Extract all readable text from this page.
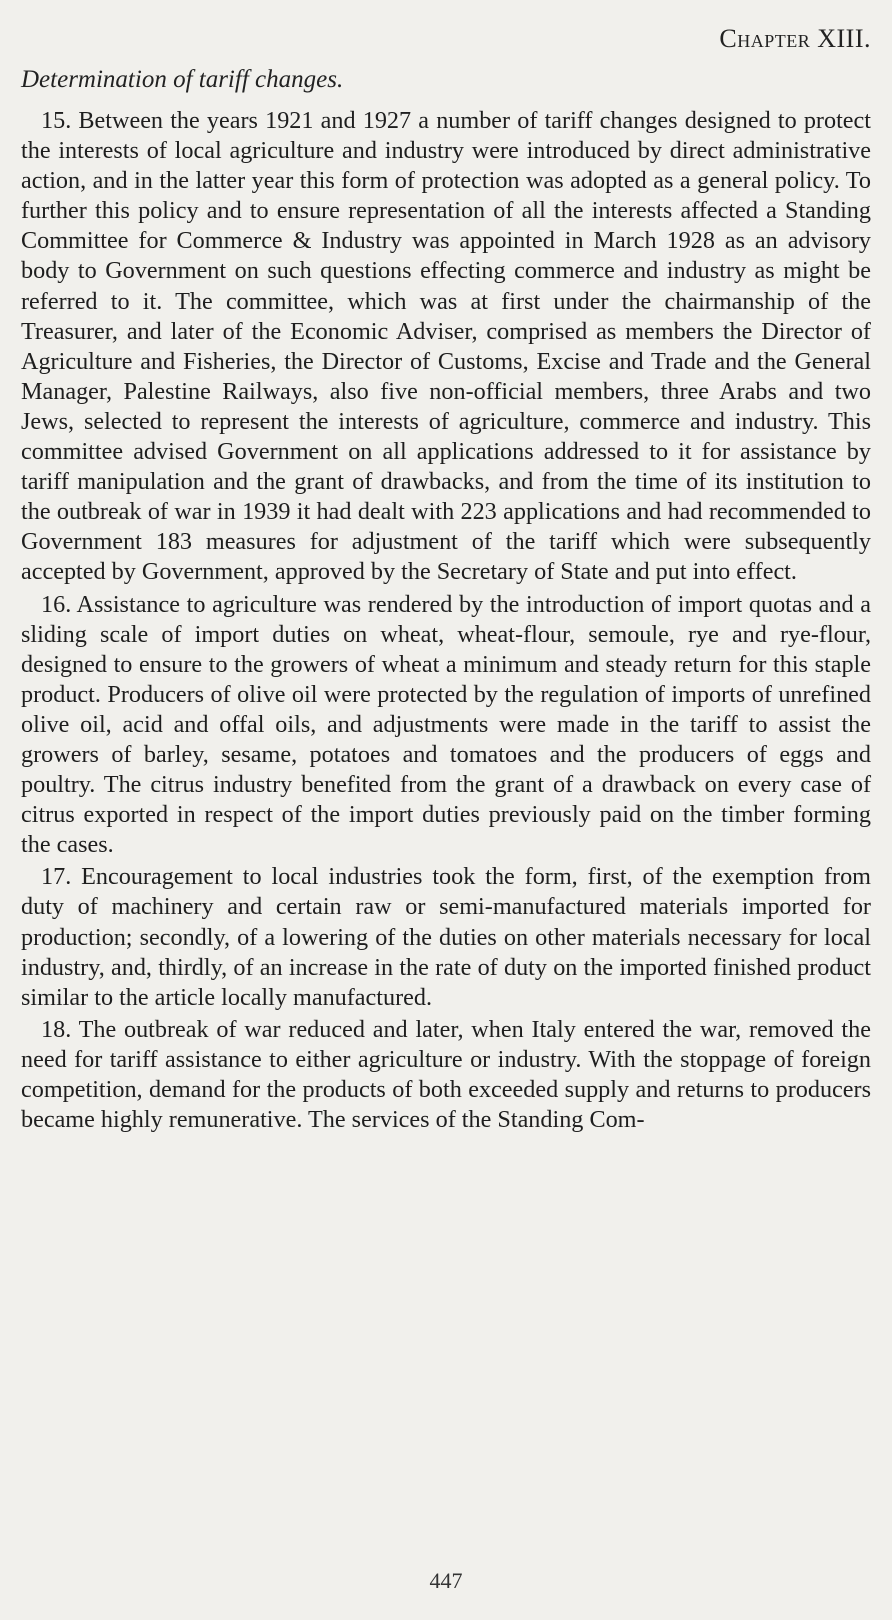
Chapter XIII.
Determination of tariff changes.

15. Between the years 1921 and 1927 a number of tariff changes designed to protect the interests of local agriculture and industry were introduced by direct administrative action, and in the latter year this form of protection was adopted as a general policy. To further this policy and to ensure representation of all the interests affected a Standing Committee for Commerce & Industry was appointed in March 1928 as an advisory body to Government on such questions effecting commerce and industry as might be referred to it. The committee, which was at first under the chairmanship of the Treasurer, and later of the Economic Adviser, comprised as members the Director of Agriculture and Fisheries, the Director of Customs, Excise and Trade and the General Manager, Palestine Railways, also five non-official members, three Arabs and two Jews, selected to represent the interests of agriculture, commerce and industry. This committee advised Government on all applications addressed to it for assistance by tariff manipulation and the grant of drawbacks, and from the time of its institution to the outbreak of war in 1939 it had dealt with 223 applications and had recommended to Government 183 measures for adjustment of the tariff which were subsequently accepted by Government, approved by the Secretary of State and put into effect.

16. Assistance to agriculture was rendered by the introduction of import quotas and a sliding scale of import duties on wheat, wheat-flour, semoule, rye and rye-flour, designed to ensure to the growers of wheat a minimum and steady return for this staple product. Producers of olive oil were protected by the regulation of imports of unrefined olive oil, acid and offal oils, and adjustments were made in the tariff to assist the growers of barley, sesame, potatoes and tomatoes and the producers of eggs and poultry. The citrus industry benefited from the grant of a drawback on every case of citrus exported in respect of the import duties previously paid on the timber forming the cases.

17. Encouragement to local industries took the form, first, of the exemption from duty of machinery and certain raw or semi-manufactured materials imported for production; secondly, of a lowering of the duties on other materials necessary for local industry, and, thirdly, of an increase in the rate of duty on the imported finished product similar to the article locally manufactured.

18. The outbreak of war reduced and later, when Italy entered the war, removed the need for tariff assistance to either agriculture or industry. With the stoppage of foreign competition, demand for the products of both exceeded supply and returns to producers became highly remunerative. The services of the Standing Com-

447
